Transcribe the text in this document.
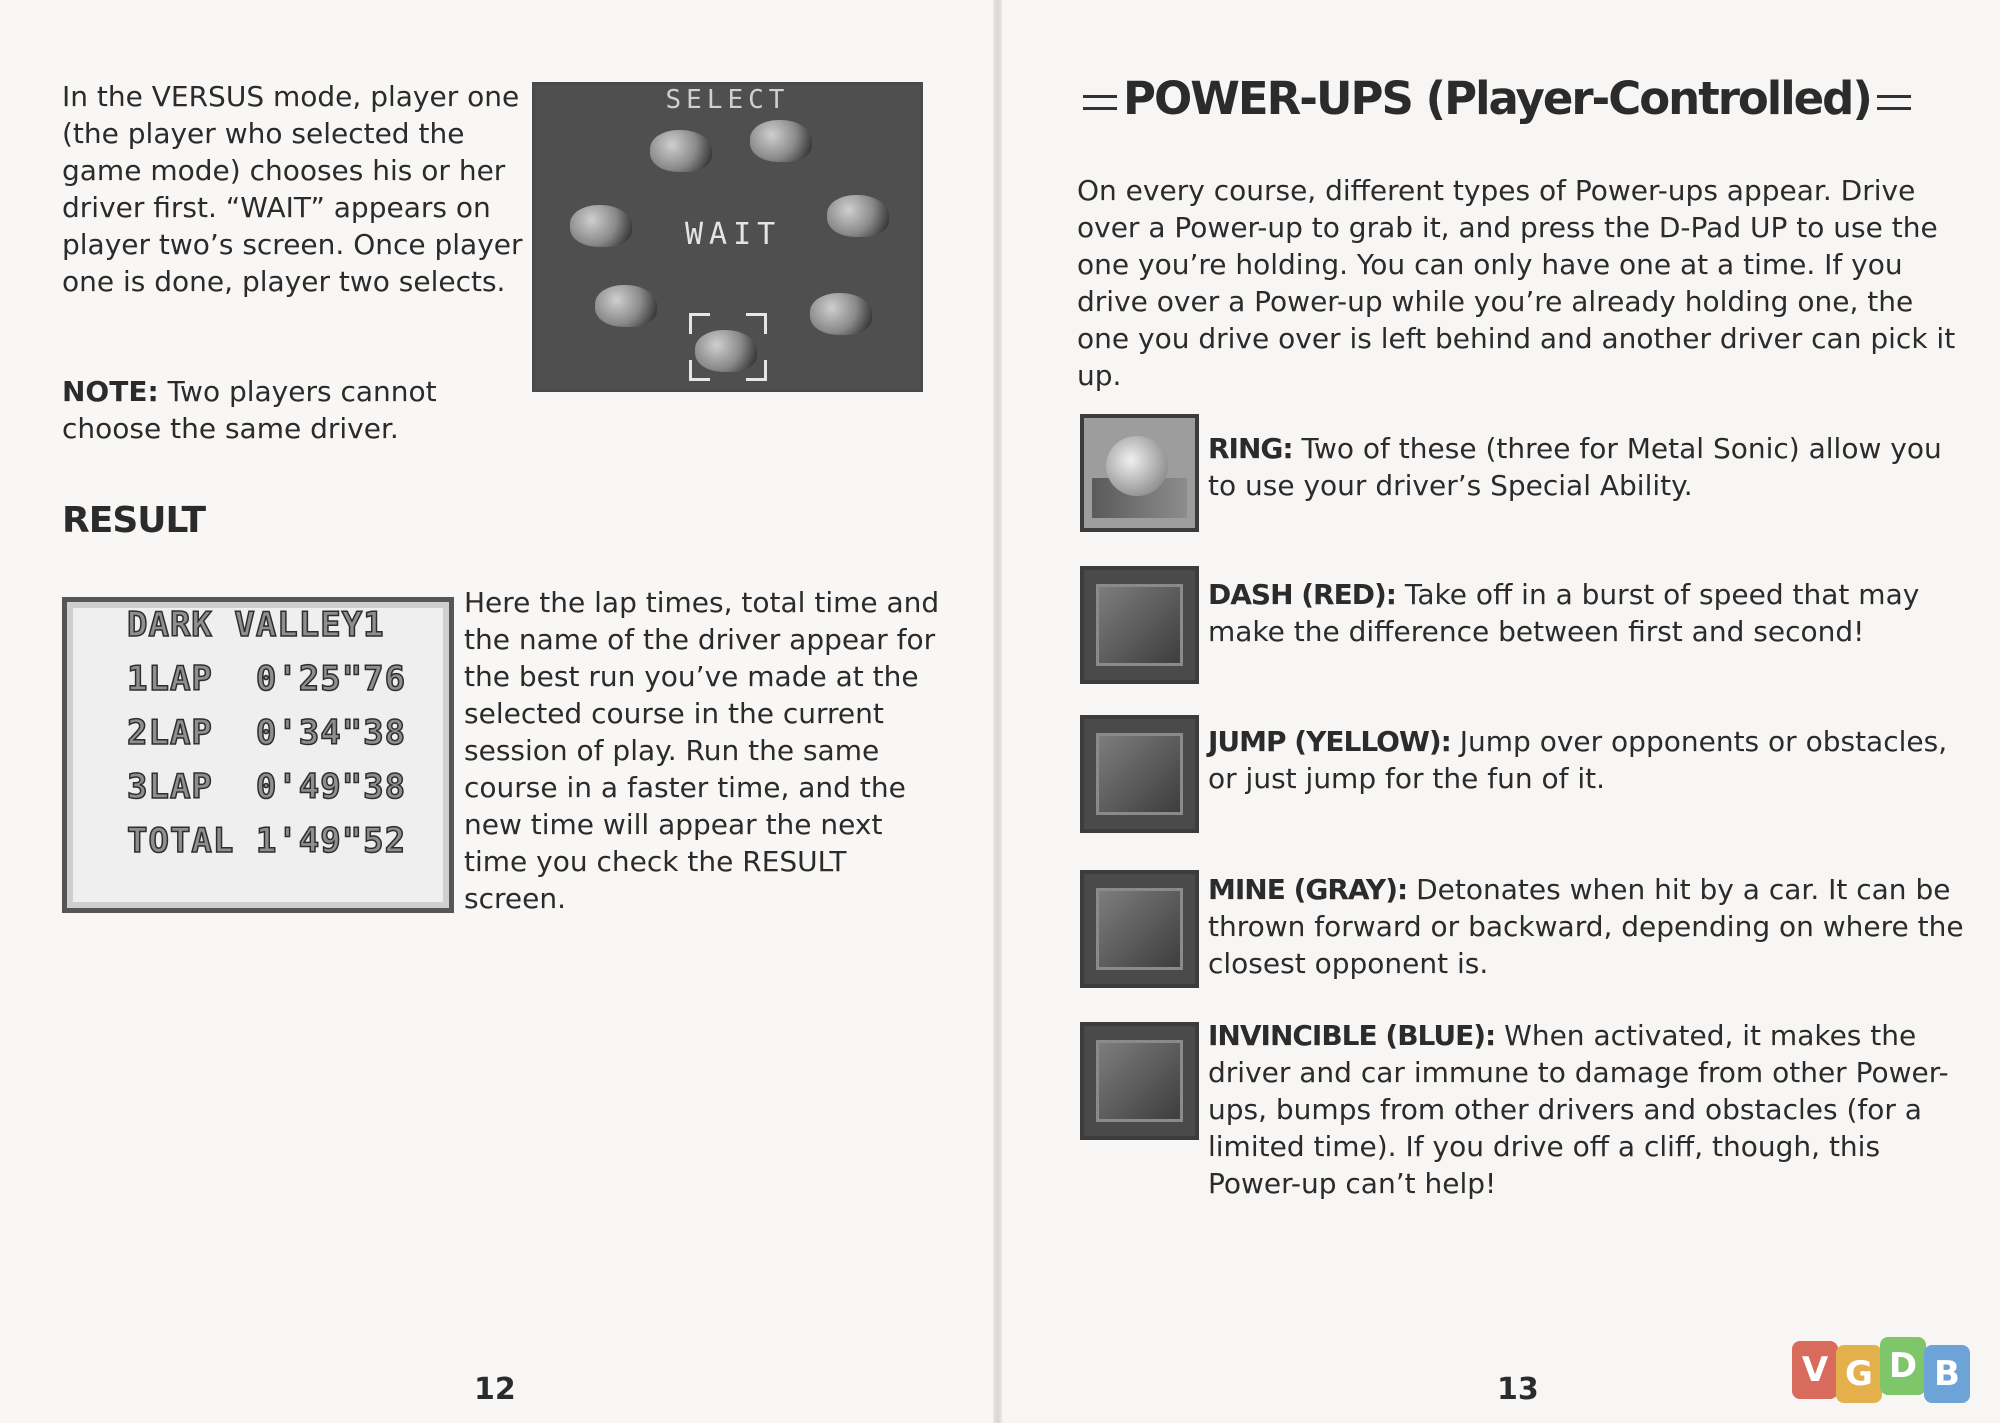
In the VERSUS mode, player one (the player who selected the game mode) chooses his or her driver first. “WAIT” appears on player two’s screen. Once player one is done, player two selects.

SELECT
WAIT

NOTE: Two players cannot choose the same driver.

RESULT
DARK VALLEY1
1LAP  0'25"76
2LAP  0'34"38
3LAP  0'49"38
TOTAL 1'49"52

Here the lap times, total time and the name of the driver appear for the best run you’ve made at the selected course in the current session of play. Run the same course in a faster time, and the new time will appear the next time you check the RESULT screen.

12
POWER-UPS (Player-Controlled)

On every course, different types of Power-ups appear. Drive over a Power-up to grab it, and press the D-Pad UP to use the one you’re holding. You can only have one at a time. If you drive over a Power-up while you’re already holding one, the one you drive over is left behind and another driver can pick it up.

RING: Two of these (three for Metal Sonic) allow you to use your driver’s Special Ability.

DASH (RED): Take off in a burst of speed that may make the difference between first and second!

JUMP (YELLOW): Jump over opponents or obstacles, or just jump for the fun of it.

MINE (GRAY): Detonates when hit by a car. It can be thrown forward or backward, depending on where the closest opponent is.

INVINCIBLE (BLUE): When activated, it makes the driver and car immune to damage from other Power-ups, bumps from other drivers and obstacles (for a limited time). If you drive off a cliff, though, this Power-up can’t help!

13	V G D B
